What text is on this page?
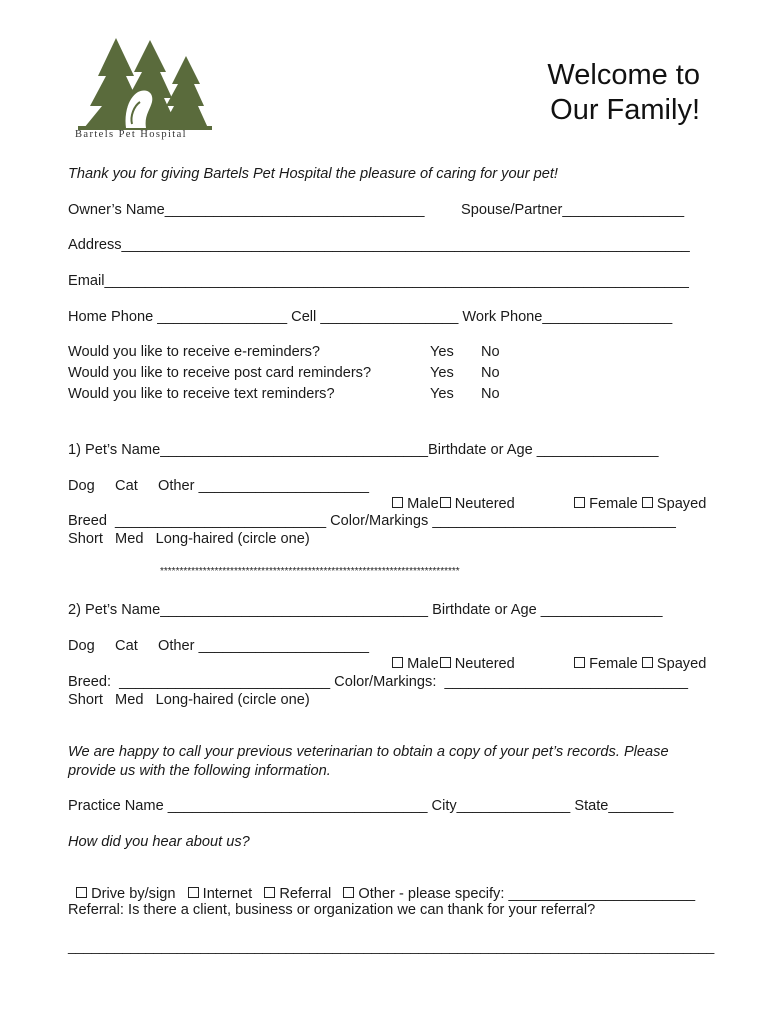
Bartels Pet Hospital
Welcome to
Our Family!
Thank you for giving Bartels Pet Hospital the pleasure of caring for your pet!
Owner’s Name________________________________ Spouse/Partner_______________
Address______________________________________________________________________
Email________________________________________________________________________
Home Phone ________________ Cell _________________ Work Phone________________
Would you like to receive e-reminders?	Yes No
Would you like to receive post card reminders?	Yes No
Would you like to receive text reminders?	Yes No
1) Pet’s Name_________________________________Birthdate or Age _______________
Dog     Cat     Other _____________________

Male Neutered	Female Spayed

Breed  __________________________ Color/Markings ______________________________
Short   Med   Long-haired (circle one)
*****************************************************************************
2) Pet’s Name_________________________________ Birthdate or Age _______________
Dog     Cat     Other _____________________

Male Neutered	Female Spayed

Breed:  __________________________ Color/Markings:  ______________________________
Short   Med   Long-haired (circle one)
We are happy to call your previous veterinarian to obtain a copy of your pet’s records. Please
provide us with the following information.
Practice Name ________________________________ City______________ State________
How did you hear about us?

Drive by/sign Internet Referral Other - please specify: _______________________

Referral: Is there a client, business or organization we can thank for your referral?
___________________________________________________________________________________
